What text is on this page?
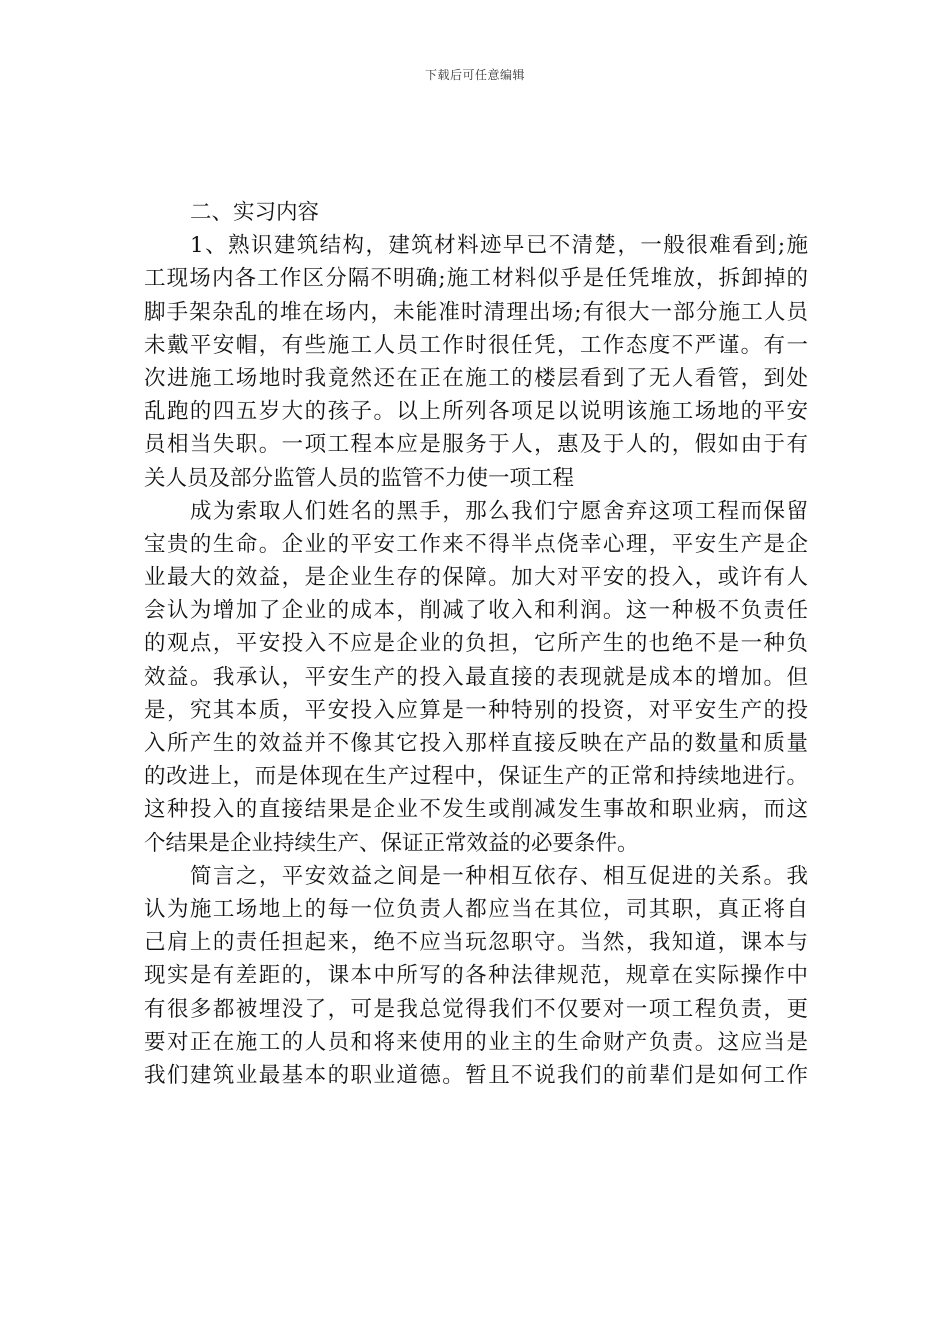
下载后可任意编辑
二、实习内容
1、熟识建筑结构，建筑材料迹早已不清楚，一般很难看到;施
工现场内各工作区分隔不明确;施工材料似乎是任凭堆放，拆卸掉的
脚手架杂乱的堆在场内，未能准时清理出场;有很大一部分施工人员
未戴平安帽，有些施工人员工作时很任凭，工作态度不严谨。有一
次进施工场地时我竟然还在正在施工的楼层看到了无人看管，到处
乱跑的四五岁大的孩子。以上所列各项足以说明该施工场地的平安
员相当失职。一项工程本应是服务于人，惠及于人的，假如由于有
关人员及部分监管人员的监管不力使一项工程
成为索取人们姓名的黑手，那么我们宁愿舍弃这项工程而保留
宝贵的生命。企业的平安工作来不得半点侥幸心理，平安生产是企
业最大的效益，是企业生存的保障。加大对平安的投入，或许有人
会认为增加了企业的成本，削减了收入和利润。这一种极不负责任
的观点，平安投入不应是企业的负担，它所产生的也绝不是一种负
效益。我承认，平安生产的投入最直接的表现就是成本的增加。但
是，究其本质，平安投入应算是一种特别的投资，对平安生产的投
入所产生的效益并不像其它投入那样直接反映在产品的数量和质量
的改进上，而是体现在生产过程中，保证生产的正常和持续地进行。
这种投入的直接结果是企业不发生或削减发生事故和职业病，而这
个结果是企业持续生产、保证正常效益的必要条件。
简言之，平安效益之间是一种相互依存、相互促进的关系。我
认为施工场地上的每一位负责人都应当在其位，司其职，真正将自
己肩上的责任担起来，绝不应当玩忽职守。当然，我知道，课本与
现实是有差距的，课本中所写的各种法律规范，规章在实际操作中
有很多都被埋没了，可是我总觉得我们不仅要对一项工程负责，更
要对正在施工的人员和将来使用的业主的生命财产负责。这应当是
我们建筑业最基本的职业道德。暂且不说我们的前辈们是如何工作
